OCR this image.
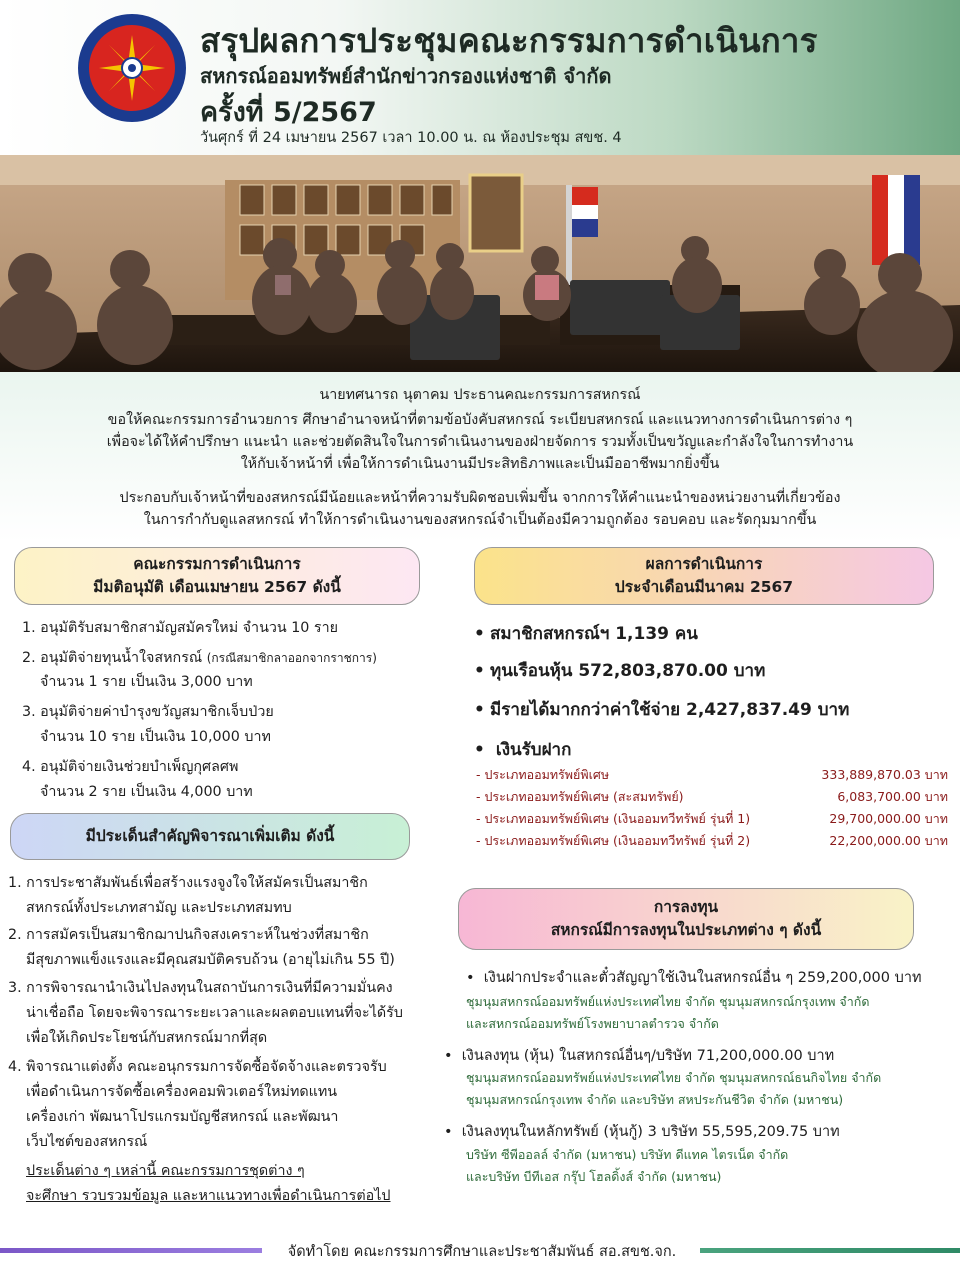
สรุปผลการประชุมคณะกรรมการดำเนินการ
สหกรณ์ออมทรัพย์สำนักข่าวกรองแห่งชาติ จำกัด
ครั้งที่ 5/2567
วันศุกร์ ที่ 24 เมษายน 2567 เวลา 10.00 น. ณ ห้องประชุม สขช. 4

นายทศนารถ นุตาคม ประธานคณะกรรมการสหกรณ์

ขอให้คณะกรรมการอำนวยการ ศึกษาอำนาจหน้าที่ตามข้อบังคับสหกรณ์ ระเบียบสหกรณ์ และแนวทางการดำเนินการต่าง ๆ

เพื่อจะได้ให้คำปรึกษา แนะนำ และช่วยตัดสินใจในการดำเนินงานของฝ่ายจัดการ รวมทั้งเป็นขวัญและกำลังใจในการทำงาน

ให้กับเจ้าหน้าที่ เพื่อให้การดำเนินงานมีประสิทธิภาพและเป็นมืออาชีพมากยิ่งขึ้น

ประกอบกับเจ้าหน้าที่ของสหกรณ์มีน้อยและหน้าที่ความรับผิดชอบเพิ่มขึ้น จากการให้คำแนะนำของหน่วยงานที่เกี่ยวข้อง

ในการกำกับดูแลสหกรณ์ ทำให้การดำเนินงานของสหกรณ์จำเป็นต้องมีความถูกต้อง รอบคอบ และรัดกุมมากขึ้น

คณะกรรมการดำเนินการ
มีมติอนุมัติ เดือนเมษายน 2567 ดังนี้
1. อนุมัติรับสมาชิกสามัญสมัครใหม่ จำนวน 10 ราย
2. อนุมัติจ่ายทุนน้ำใจสหกรณ์ (กรณีสมาชิกลาออกจากราชการ)
จำนวน 1 ราย เป็นเงิน 3,000 บาท
3. อนุมัติจ่ายค่าบำรุงขวัญสมาชิกเจ็บป่วย
จำนวน 10 ราย เป็นเงิน 10,000 บาท
4. อนุมัติจ่ายเงินช่วยบำเพ็ญกุศลศพ
จำนวน 2 ราย เป็นเงิน 4,000 บาท
มีประเด็นสำคัญพิจารณาเพิ่มเติม ดังนี้
1. การประชาสัมพันธ์เพื่อสร้างแรงจูงใจให้สมัครเป็นสมาชิก
สหกรณ์ทั้งประเภทสามัญ และประเภทสมทบ
2. การสมัครเป็นสมาชิกฌาปนกิจสงเคราะห์ในช่วงที่สมาชิก
มีสุขภาพแข็งแรงและมีคุณสมบัติครบถ้วน (อายุไม่เกิน 55 ปี)
3. การพิจารณานำเงินไปลงทุนในสถาบันการเงินที่มีความมั่นคง
น่าเชื่อถือ โดยจะพิจารณาระยะเวลาและผลตอบแทนที่จะได้รับ
เพื่อให้เกิดประโยชน์กับสหกรณ์มากที่สุด
4. พิจารณาแต่งตั้ง คณะอนุกรรมการจัดซื้อจัดจ้างและตรวจรับ
เพื่อดำเนินการจัดซื้อเครื่องคอมพิวเตอร์ใหม่ทดแทน
เครื่องเก่า พัฒนาโปรแกรมบัญชีสหกรณ์ และพัฒนา
เว็บไซต์ของสหกรณ์
ประเด็นต่าง ๆ เหล่านี้ คณะกรรมการชุดต่าง ๆ
จะศึกษา รวบรวมข้อมูล และหาแนวทางเพื่อดำเนินการต่อไป
ผลการดำเนินการ
ประจำเดือนมีนาคม 2567
• สมาชิกสหกรณ์ฯ 1,139 คน
• ทุนเรือนหุ้น 572,803,870.00 บาท
• มีรายได้มากกว่าค่าใช้จ่าย 2,427,837.49 บาท
• เงินรับฝาก
- ประเภทออมทรัพย์พิเศษ	333,889,870.03 บาท
- ประเภทออมทรัพย์พิเศษ (สะสมทรัพย์)	6,083,700.00 บาท
- ประเภทออมทรัพย์พิเศษ (เงินออมทวีทรัพย์ รุ่นที่ 1)	29,700,000.00 บาท
- ประเภทออมทรัพย์พิเศษ (เงินออมทวีทรัพย์ รุ่นที่ 2)	22,200,000.00 บาท
การลงทุน
สหกรณ์มีการลงทุนในประเภทต่าง ๆ ดังนี้
•  เงินฝากประจำและตั๋วสัญญาใช้เงินในสหกรณ์อื่น ๆ 259,200,000 บาท
ชุมนุมสหกรณ์ออมทรัพย์แห่งประเทศไทย จำกัด ชุมนุมสหกรณ์กรุงเทพ จำกัด
และสหกรณ์ออมทรัพย์โรงพยาบาลตำรวจ จำกัด
•  เงินลงทุน (หุ้น) ในสหกรณ์อื่นๆ/บริษัท 71,200,000.00 บาท
ชุมนุมสหกรณ์ออมทรัพย์แห่งประเทศไทย จำกัด ชุมนุมสหกรณ์ธนกิจไทย จำกัด
ชุมนุมสหกรณ์กรุงเทพ จำกัด และบริษัท สหประกันชีวิต จำกัด (มหาชน)
•  เงินลงทุนในหลักทรัพย์ (หุ้นกู้) 3 บริษัท 55,595,209.75 บาท
บริษัท ซีพีออลล์ จำกัด (มหาชน) บริษัท ดีแทค ไตรเน็ต จำกัด
และบริษัท บีทีเอส กรุ๊ป โฮลดิ้งส์ จำกัด (มหาชน)
จัดทำโดย คณะกรรมการศึกษาและประชาสัมพันธ์ สอ.สขช.จก.
